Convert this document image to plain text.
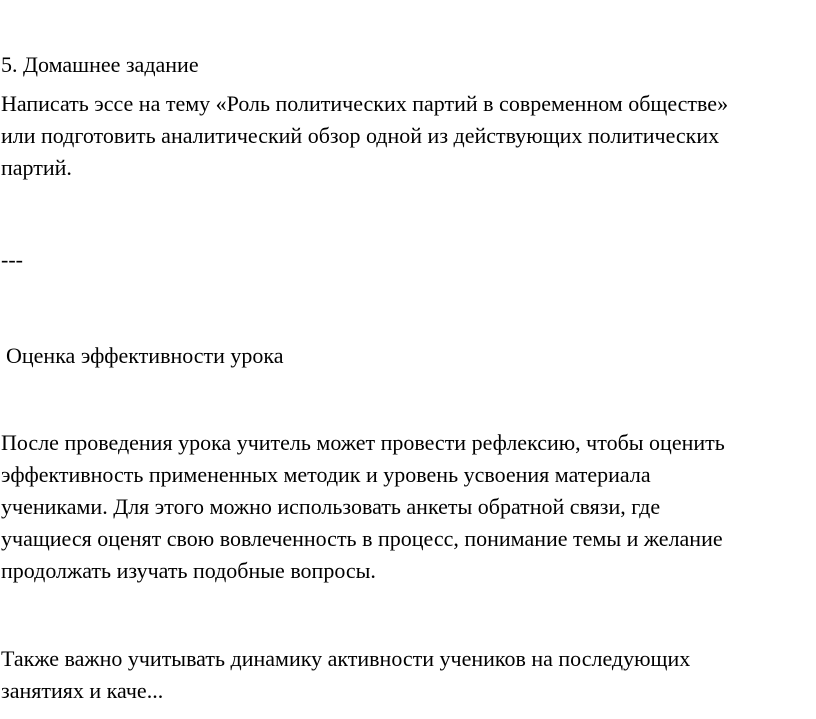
5. Домашнее задание

Написать эссе на тему «Роль политических партий в современном обществе»

или подготовить аналитический обзор одной из действующих политических

партий.

---

Оценка эффективности урока

После проведения урока учитель может провести рефлексию, чтобы оценить

эффективность примененных методик и уровень усвоения материала

учениками. Для этого можно использовать анкеты обратной связи, где

учащиеся оценят свою вовлеченность в процесс, понимание темы и желание

продолжать изучать подобные вопросы.

Также важно учитывать динамику активности учеников на последующих

занятиях и каче...
